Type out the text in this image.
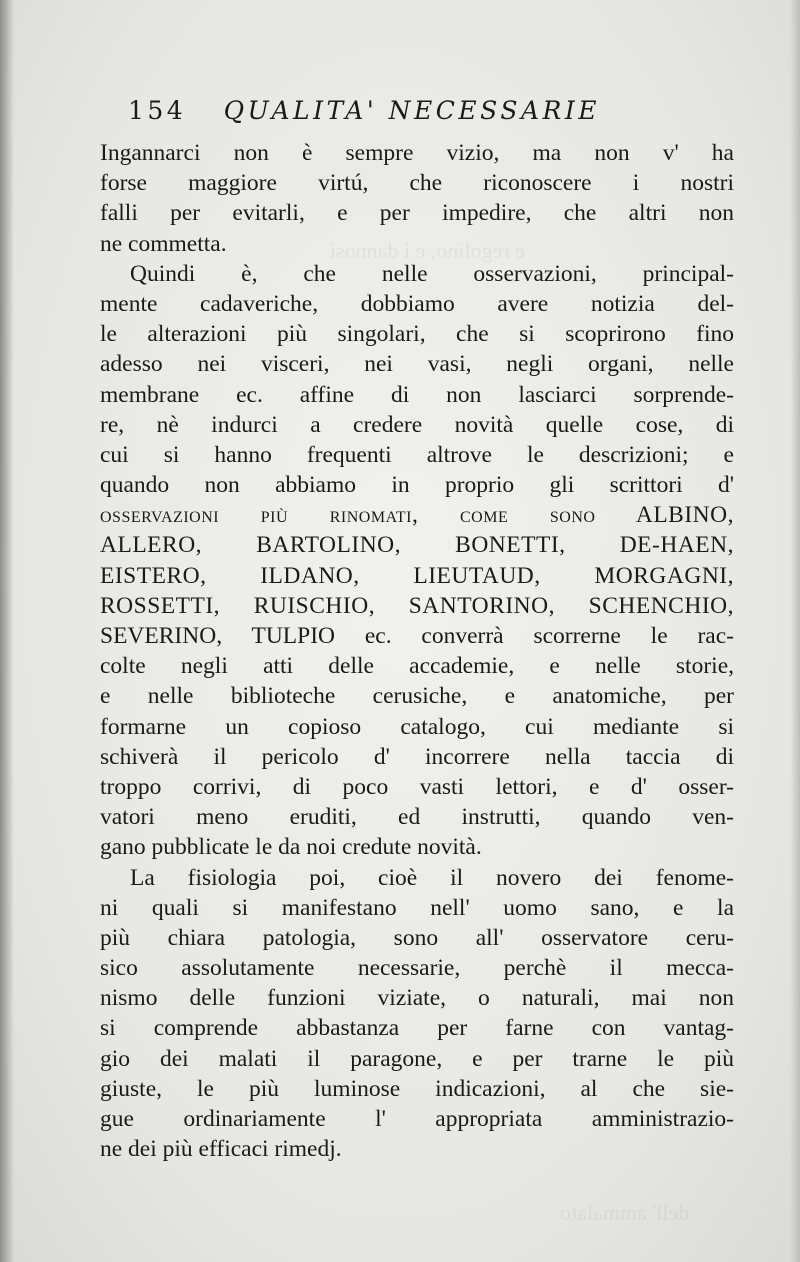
e regolino, e i dannosi
dell' ammalato
154 QUALITA' NECESSARIE
Ingannarci non è sempre vizio, ma non v' ha
forse maggiore virtú, che riconoscere i nostri
falli per evitarli, e per impedire, che altri non
ne commetta.
Quindi è, che nelle osservazioni, principal-
mente cadaveriche, dobbiamo avere notizia del-
le alterazioni più singolari, che si scoprirono fino
adesso nei visceri, nei vasi, negli organi, nelle
membrane ec. affine di non lasciarci sorprende-
re, nè indurci a credere novità quelle cose, di
cui si hanno frequenti altrove le descrizioni; e
quando non abbiamo in proprio gli scrittori d'
osservazioni più rinomati, come sono ALBINO,
ALLERO, BARTOLINO, BONETTI, DE-HAEN,
EISTERO, ILDANO, LIEUTAUD, MORGAGNI,
ROSSETTI, RUISCHIO, SANTORINO, SCHENCHIO,
SEVERINO, TULPIO ec. converrà scorrerne le rac-
colte negli atti delle accademie, e nelle storie,
e nelle biblioteche cerusiche, e anatomiche, per
formarne un copioso catalogo, cui mediante si
schiverà il pericolo d' incorrere nella taccia di
troppo corrivi, di poco vasti lettori, e d' osser-
vatori meno eruditi, ed instrutti, quando ven-
gano pubblicate le da noi credute novità.
La fisiologia poi, cioè il novero dei fenome-
ni quali si manifestano nell' uomo sano, e la
più chiara patologia, sono all' osservatore ceru-
sico assolutamente necessarie, perchè il mecca-
nismo delle funzioni viziate, o naturali, mai non
si comprende abbastanza per farne con vantag-
gio dei malati il paragone, e per trarne le più
giuste, le più luminose indicazioni, al che sie-
gue ordinariamente l' appropriata amministrazio-
ne dei più efficaci rimedj.
